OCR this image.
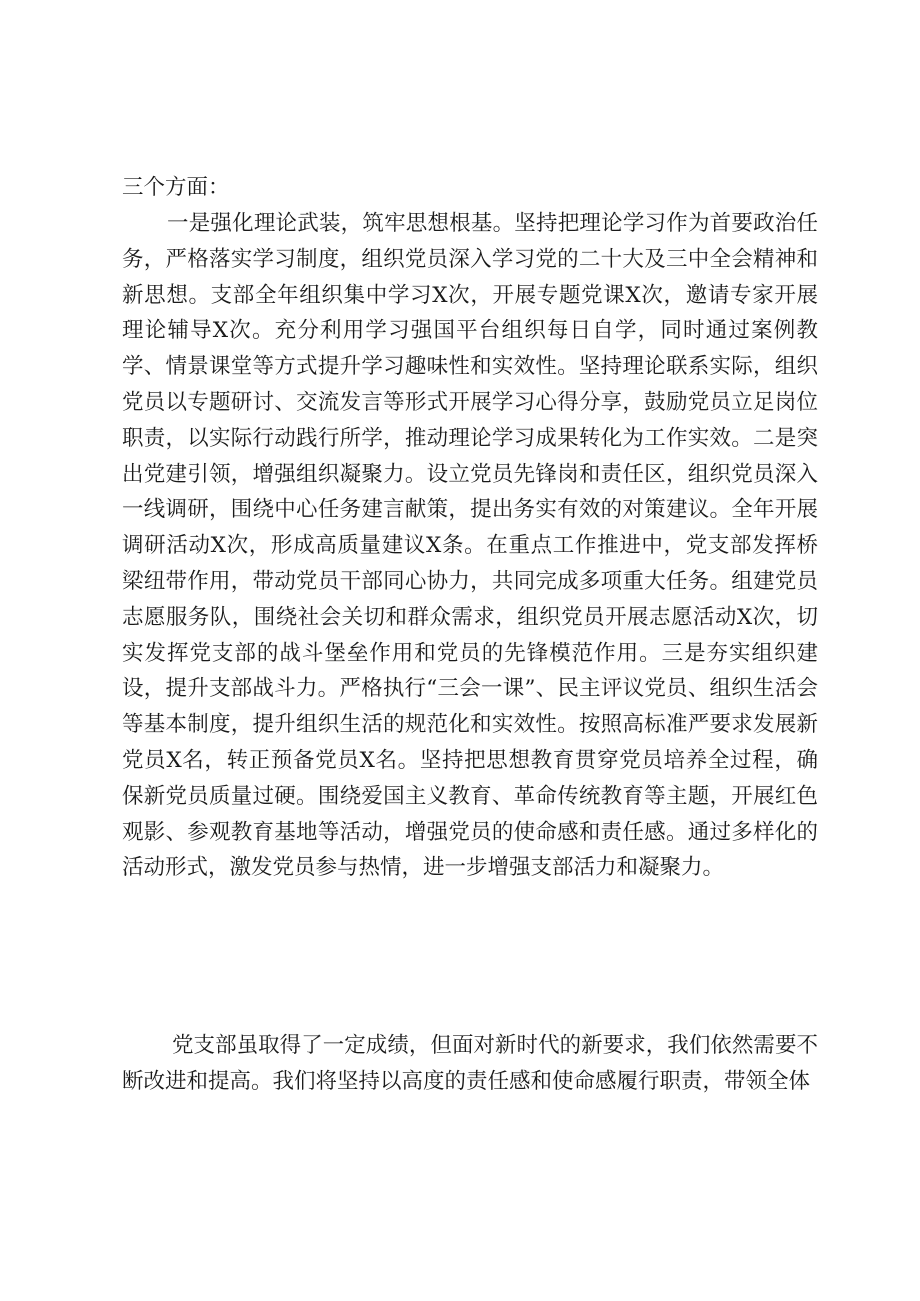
三个方面：

一是强化理论武装，筑牢思想根基。坚持把理论学习作为首要政治任务，严格落实学习制度，组织党员深入学习党的二十大及三中全会精神和新思想。支部全年组织集中学习X次，开展专题党课X次，邀请专家开展理论辅导X次。充分利用学习强国平台组织每日自学，同时通过案例教学、情景课堂等方式提升学习趣味性和实效性。坚持理论联系实际，组织党员以专题研讨、交流发言等形式开展学习心得分享，鼓励党员立足岗位职责，以实际行动践行所学，推动理论学习成果转化为工作实效。二是突出党建引领，增强组织凝聚力。设立党员先锋岗和责任区，组织党员深入一线调研，围绕中心任务建言献策，提出务实有效的对策建议。全年开展调研活动X次，形成高质量建议X条。在重点工作推进中，党支部发挥桥梁纽带作用，带动党员干部同心协力，共同完成多项重大任务。组建党员志愿服务队，围绕社会关切和群众需求，组织党员开展志愿活动X次，切实发挥党支部的战斗堡垒作用和党员的先锋模范作用。三是夯实组织建设，提升支部战斗力。严格执行“三会一课”、民主评议党员、组织生活会等基本制度，提升组织生活的规范化和实效性。按照高标准严要求发展新党员X名，转正预备党员X名。坚持把思想教育贯穿党员培养全过程，确保新党员质量过硬。围绕爱国主义教育、革命传统教育等主题，开展红色观影、参观教育基地等活动，增强党员的使命感和责任感。通过多样化的活动形式，激发党员参与热情，进一步增强支部活力和凝聚力。

党支部虽取得了一定成绩，但面对新时代的新要求，我们依然需要不断改进和提高。我们将坚持以高度的责任感和使命感履行职责，带领全体
